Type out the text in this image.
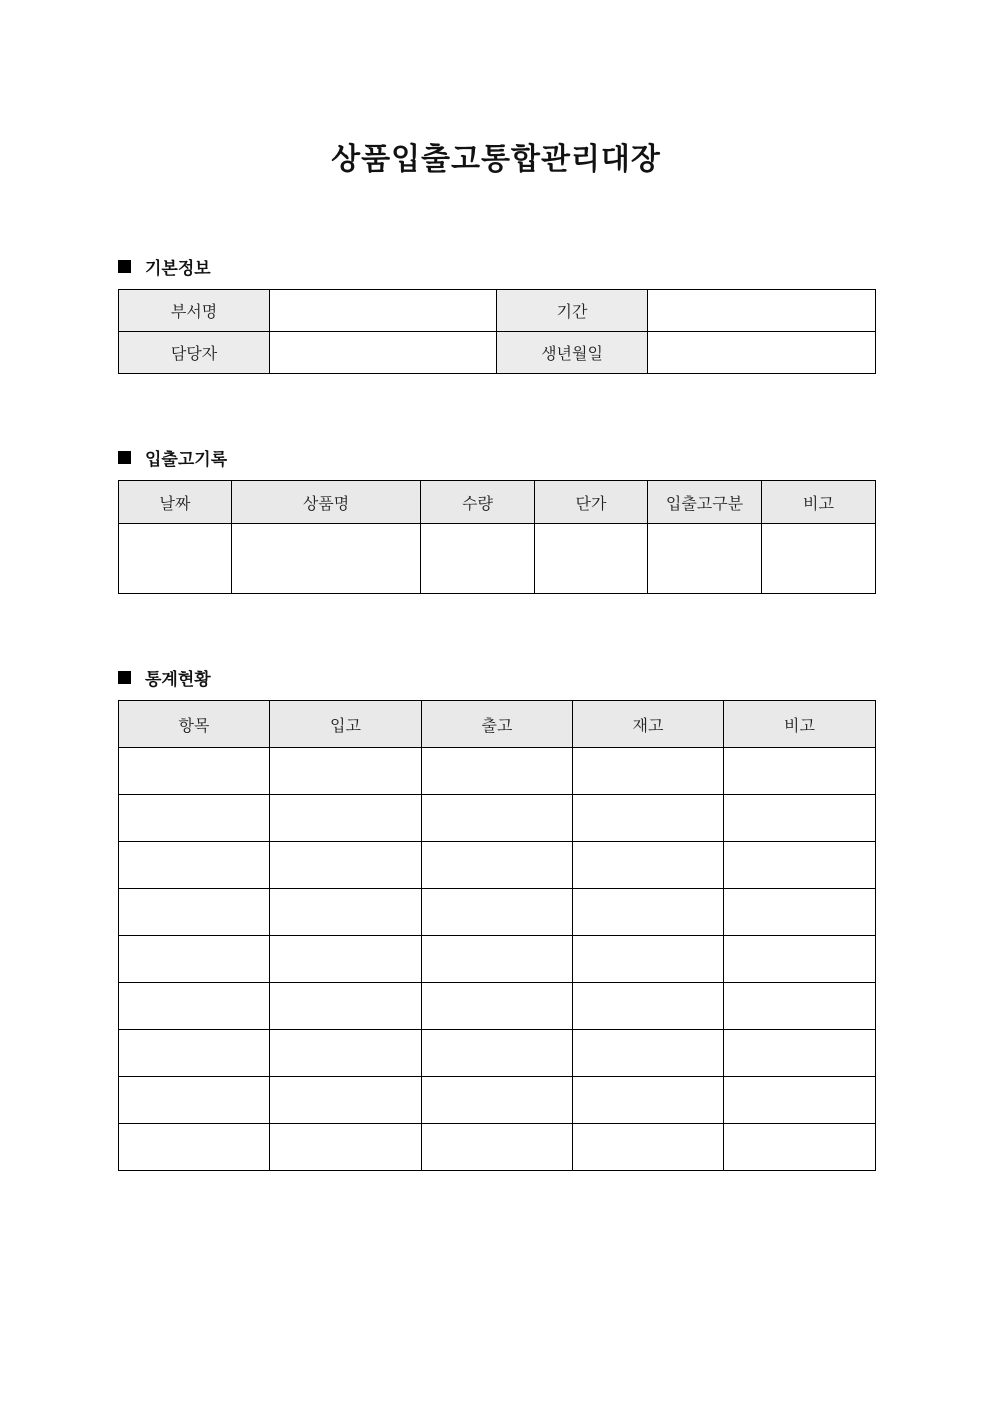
상품입출고통합관리대장
기본정보
부서명		기간	
담당자		생년월일	
입출고기록
날짜	상품명	수량	단가	입출고구분	비고

통계현황
항목	입고	출고	재고	비고
